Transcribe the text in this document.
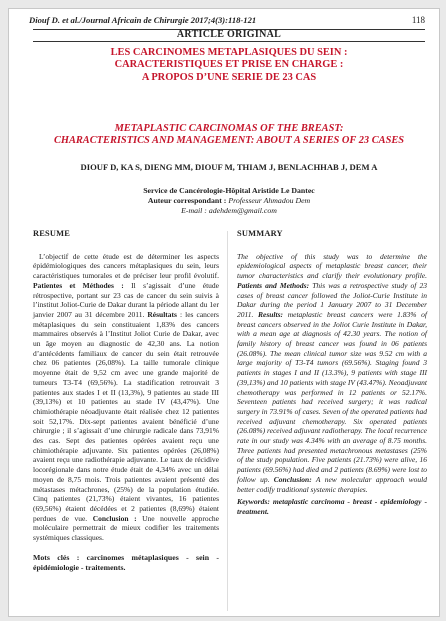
Diouf D. et al./Journal Africain de Chirurgie 2017;4(3):118-121	118
ARTICLE ORIGINAL
LES CARCINOMES METAPLASIQUES DU SEIN :
CARACTERISTIQUES ET PRISE EN CHARGE :
A PROPOS D’UNE SERIE DE 23 CAS
METAPLASTIC CARCINOMAS OF THE BREAST:
CHARACTERISTICS AND MANAGEMENT: ABOUT A SERIES OF 23 CASES
DIOUF D, KA S, DIENG MM, DIOUF M, THIAM J, BENLACHHAB J, DEM A
Service de Cancérologie-Hôpital Aristide Le Dantec
Auteur correspondant : Professeur Ahmadou Dem
E-mail : adehdem@gmail.com
RESUME

L’objectif de cette étude est de déterminer les aspects épidémiologiques des cancers métaplasiques du sein, leurs caractéristiques tumorales et de préciser leur profil évolutif. Patientes et Méthodes : Il s’agissait d’une étude rétrospective, portant sur 23 cas de cancer du sein suivis à l’institut Joliot-Curie de Dakar durant la période allant du 1er janvier 2007 au 31 décembre 2011. Résultats : les cancers métaplasiques du sein constituaient 1,83% des cancers mammaires observés à l’Institut Joliot Curie de Dakar, avec un âge moyen au diagnostic de 42,30 ans. La notion d’antécédents familiaux de cancer du sein était retrouvée chez 06 patientes (26,08%). La taille tumorale clinique moyenne était de 9,52 cm avec une grande majorité de tumeurs T3-T4 (69,56%). La stadification retrouvait 3 patientes aux stades I et II (13,3%), 9 patientes au stade III (39,13%) et 10 patientes au stade IV (43,47%). Une chimiothérapie néoadjuvante était réalisée chez 12 patientes soit 52,17%. Dix-sept patientes avaient bénéficié d’une chirurgie ; il s’agissait d’une chirurgie radicale dans 73,91% des cas. Sept des patientes opérées avaient reçu une chimiothérapie adjuvante. Six patientes opérées (26,08%) avaient reçu une radiothérapie adjuvante. Le taux de récidive locorégionale dans notre étude était de 4,34% avec un délai moyen de 8,75 mois. Trois patientes avaient présenté des métastases métachrones, (25%) de la population étudiée. Cinq patientes (21,73%) étaient vivantes, 16 patientes (69,56%) étaient décédées et 2 patientes (8,69%) étaient perdues de vue. Conclusion : Une nouvelle approche moléculaire permettrait de mieux codifier les traitements systémiques classiques.

Mots clés : carcinomes métaplasiques - sein - épidémiologie - traitements.

SUMMARY

The objective of this study was to determine the epidemiological aspects of metaplastic breast cancer, their tumor characteristics and clarify their evolutionary profile. Patients and Methods: This was a retrospective study of 23 cases of breast cancer followed the Joliot-Curie Institute in Dakar during the period 1 January 2007 to 31 December 2011. Results: metaplastic breast cancers were 1.83% of breast cancers observed in the Joliot Curie Institute in Dakar, with a mean age at diagnosis of 42.30 years. The notion of family history of breast cancer was found in 06 patients (26.08%). The mean clinical tumor size was 9.52 cm with a large majority of T3-T4 tumors (69.56%). Staging found 3 patients in stages I and II (13.3%), 9 patients with stage III (39,13%) and 10 patients with stage IV (43.47%). Neoadjuvant chemotherapy was performed in 12 patients or 52.17%. Seventeen patients had received surgery; it was radical surgery in 73.91% of cases. Seven of the operated patients had received adjuvant chemotherapy. Six operated patients (26.08%) received adjuvant radiotherapy. The local recurrence rate in our study was 4.34% with an average of 8.75 months. Three patients had presented metachronous metastases (25% of the study population. Five patients (21.73%) were alive, 16 patients (69.56%) had died and 2 patients (8.69%) were lost to follow up. Conclusion: A new molecular approach would better codify traditional systemic therapies.

Keywords: metaplastic carcinoma - breast - epidemiology - treatment.
